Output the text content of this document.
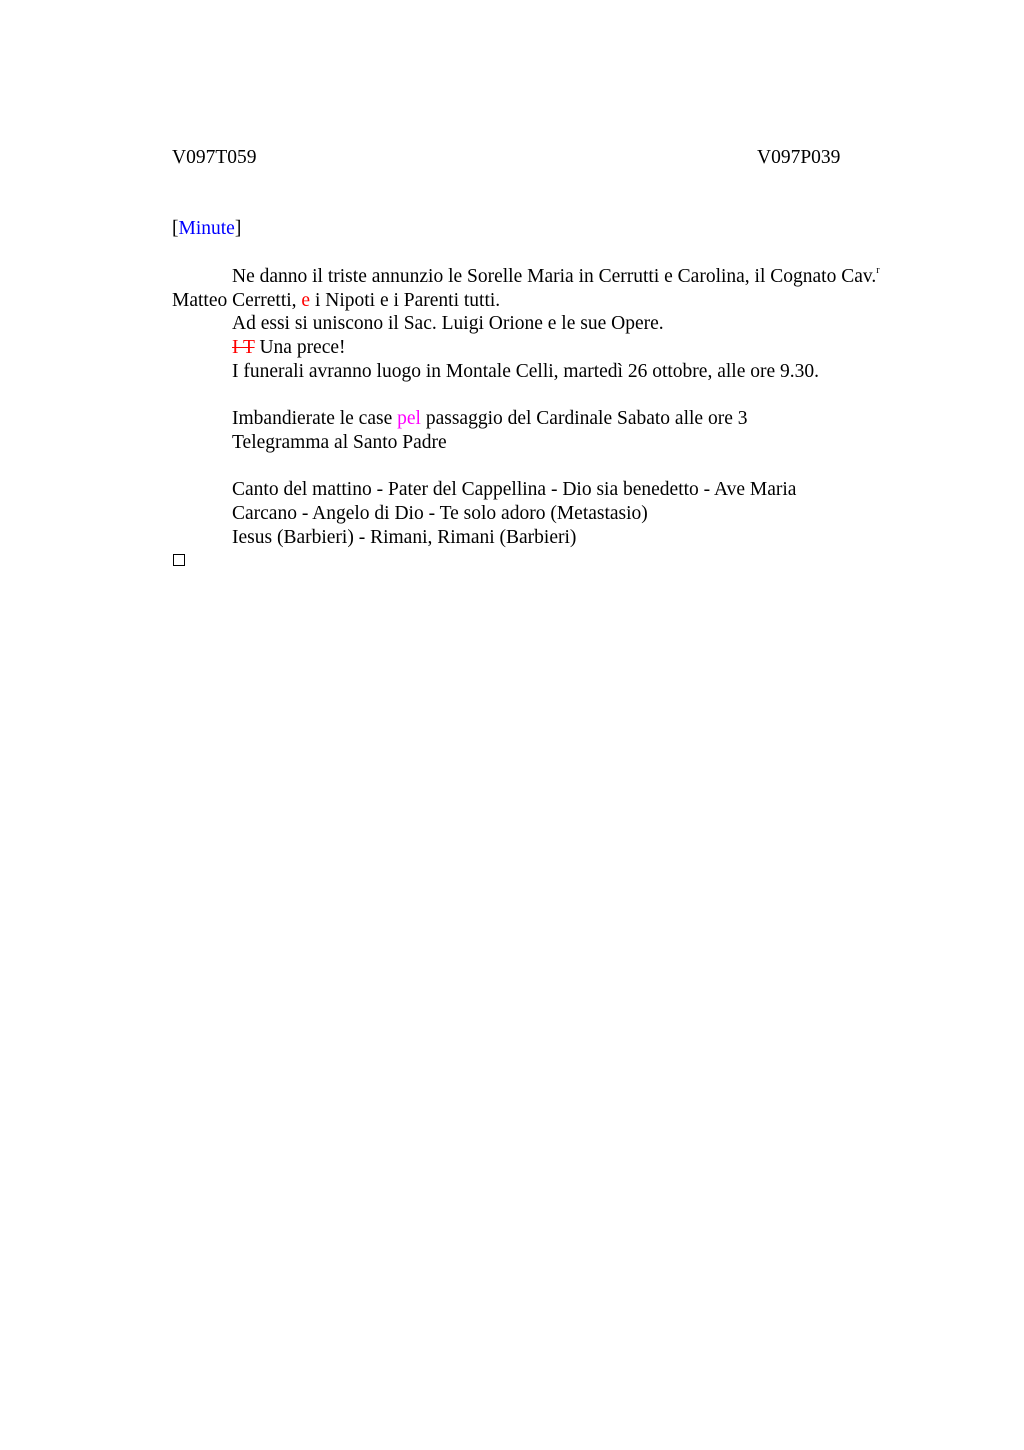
V097T059	V097P039
[Minute]
Ne danno il triste annunzio le Sorelle Maria in Cerrutti e Carolina, il Cognato Cav.$^r$
Matteo Cerretti, e i Nipoti e i Parenti tutti.
Ad essi si uniscono il Sac. Luigi Orione e le sue Opere.
I T Una prece!
I funerali avranno luogo in Montale Celli, martedì 26 ottobre, alle ore 9.30.
Imbandierate le case pel passaggio del Cardinale Sabato alle ore 3
Telegramma al Santo Padre
Canto del mattino - Pater del Cappellina - Dio sia benedetto - Ave Maria
Carcano - Angelo di Dio - Te solo adoro (Metastasio)
Iesus (Barbieri) - Rimani, Rimani (Barbieri)
